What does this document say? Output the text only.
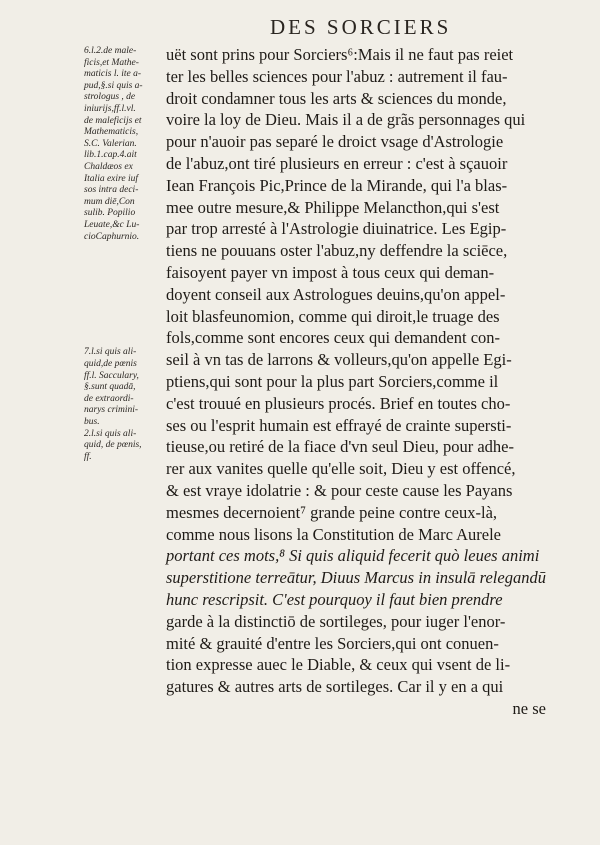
DES SORCIERS
6.l.2.de male-
ficis,et Mathe-
maticis l. ite a-
pud,§.si quis a-
strologus , de
iniurijs,ff.l.vl.
de maleficijs et
Mathematicis,
S.C. Valerian.
lib.1.cap.4.ait
Chaldæos ex
Italia exire iuf
sos intra deci-
mum diē,Con
sulib. Popilio
Leuate,&c Lu-
cioCaphurnio.
7.l.si quis ali-
quid,de pœnis
ff.l. Sacculary,
§.sunt quadā,
de extraordi-
narys crimini-
bus.
2.l.si quis ali-
quid, de pœnis,
ff.
uët sont prins pour Sorciers⁶:Mais il ne faut pas reiet
ter les belles sciences pour l'abuz : autrement il fau-
droit condamner tous les arts & sciences du monde,
voire la loy de Dieu. Mais il a de grãs personnages qui
pour n'auoir pas separé le droict vsage d'Astrologie
de l'abuz,ont tiré plusieurs en erreur : c'est à sçauoir
Iean François Pic,Prince de la Mirande, qui l'a blas-
mee outre mesure,& Philippe Melancthon,qui s'est
par trop arresté à l'Astrologie diuinatrice. Les Egip-
tiens ne pouuans oster l'abuz,ny deffendre la sciēce,
faisoyent payer vn impost à tous ceux qui deman-
doyent conseil aux Astrologues deuins,qu'on appel-
loit blasfeunomion, comme qui diroit,le truage des
fols,comme sont encores ceux qui demandent con-
seil à vn tas de larrons & volleurs,qu'on appelle Egi-
ptiens,qui sont pour la plus part Sorciers,comme il
c'est trouué en plusieurs procés. Brief en toutes cho-
ses ou l'esprit humain est effrayé de crainte supersti-
tieuse,ou retiré de la fiace d'vn seul Dieu, pour adhe-
rer aux vanites quelle qu'elle soit, Dieu y est offencé,
& est vraye idolatrie : & pour ceste cause les Payans
mesmes decernoient⁷ grande peine contre ceux-là,
comme nous lisons la Constitution de Marc Aurele
portant ces mots,⁸ Si quis aliquid fecerit quò leues animi
superstitione terreātur, Diuus Marcus in insulā relegandū
hunc rescripsit. C'est pourquoy il faut bien prendre
garde à la distinctiō de sortileges, pour iuger l'enor-
mité & grauité d'entre les Sorciers,qui ont conuen-
tion expresse auec le Diable, & ceux qui vsent de li-
gatures & autres arts de sortileges. Car il y en a qui
ne se
